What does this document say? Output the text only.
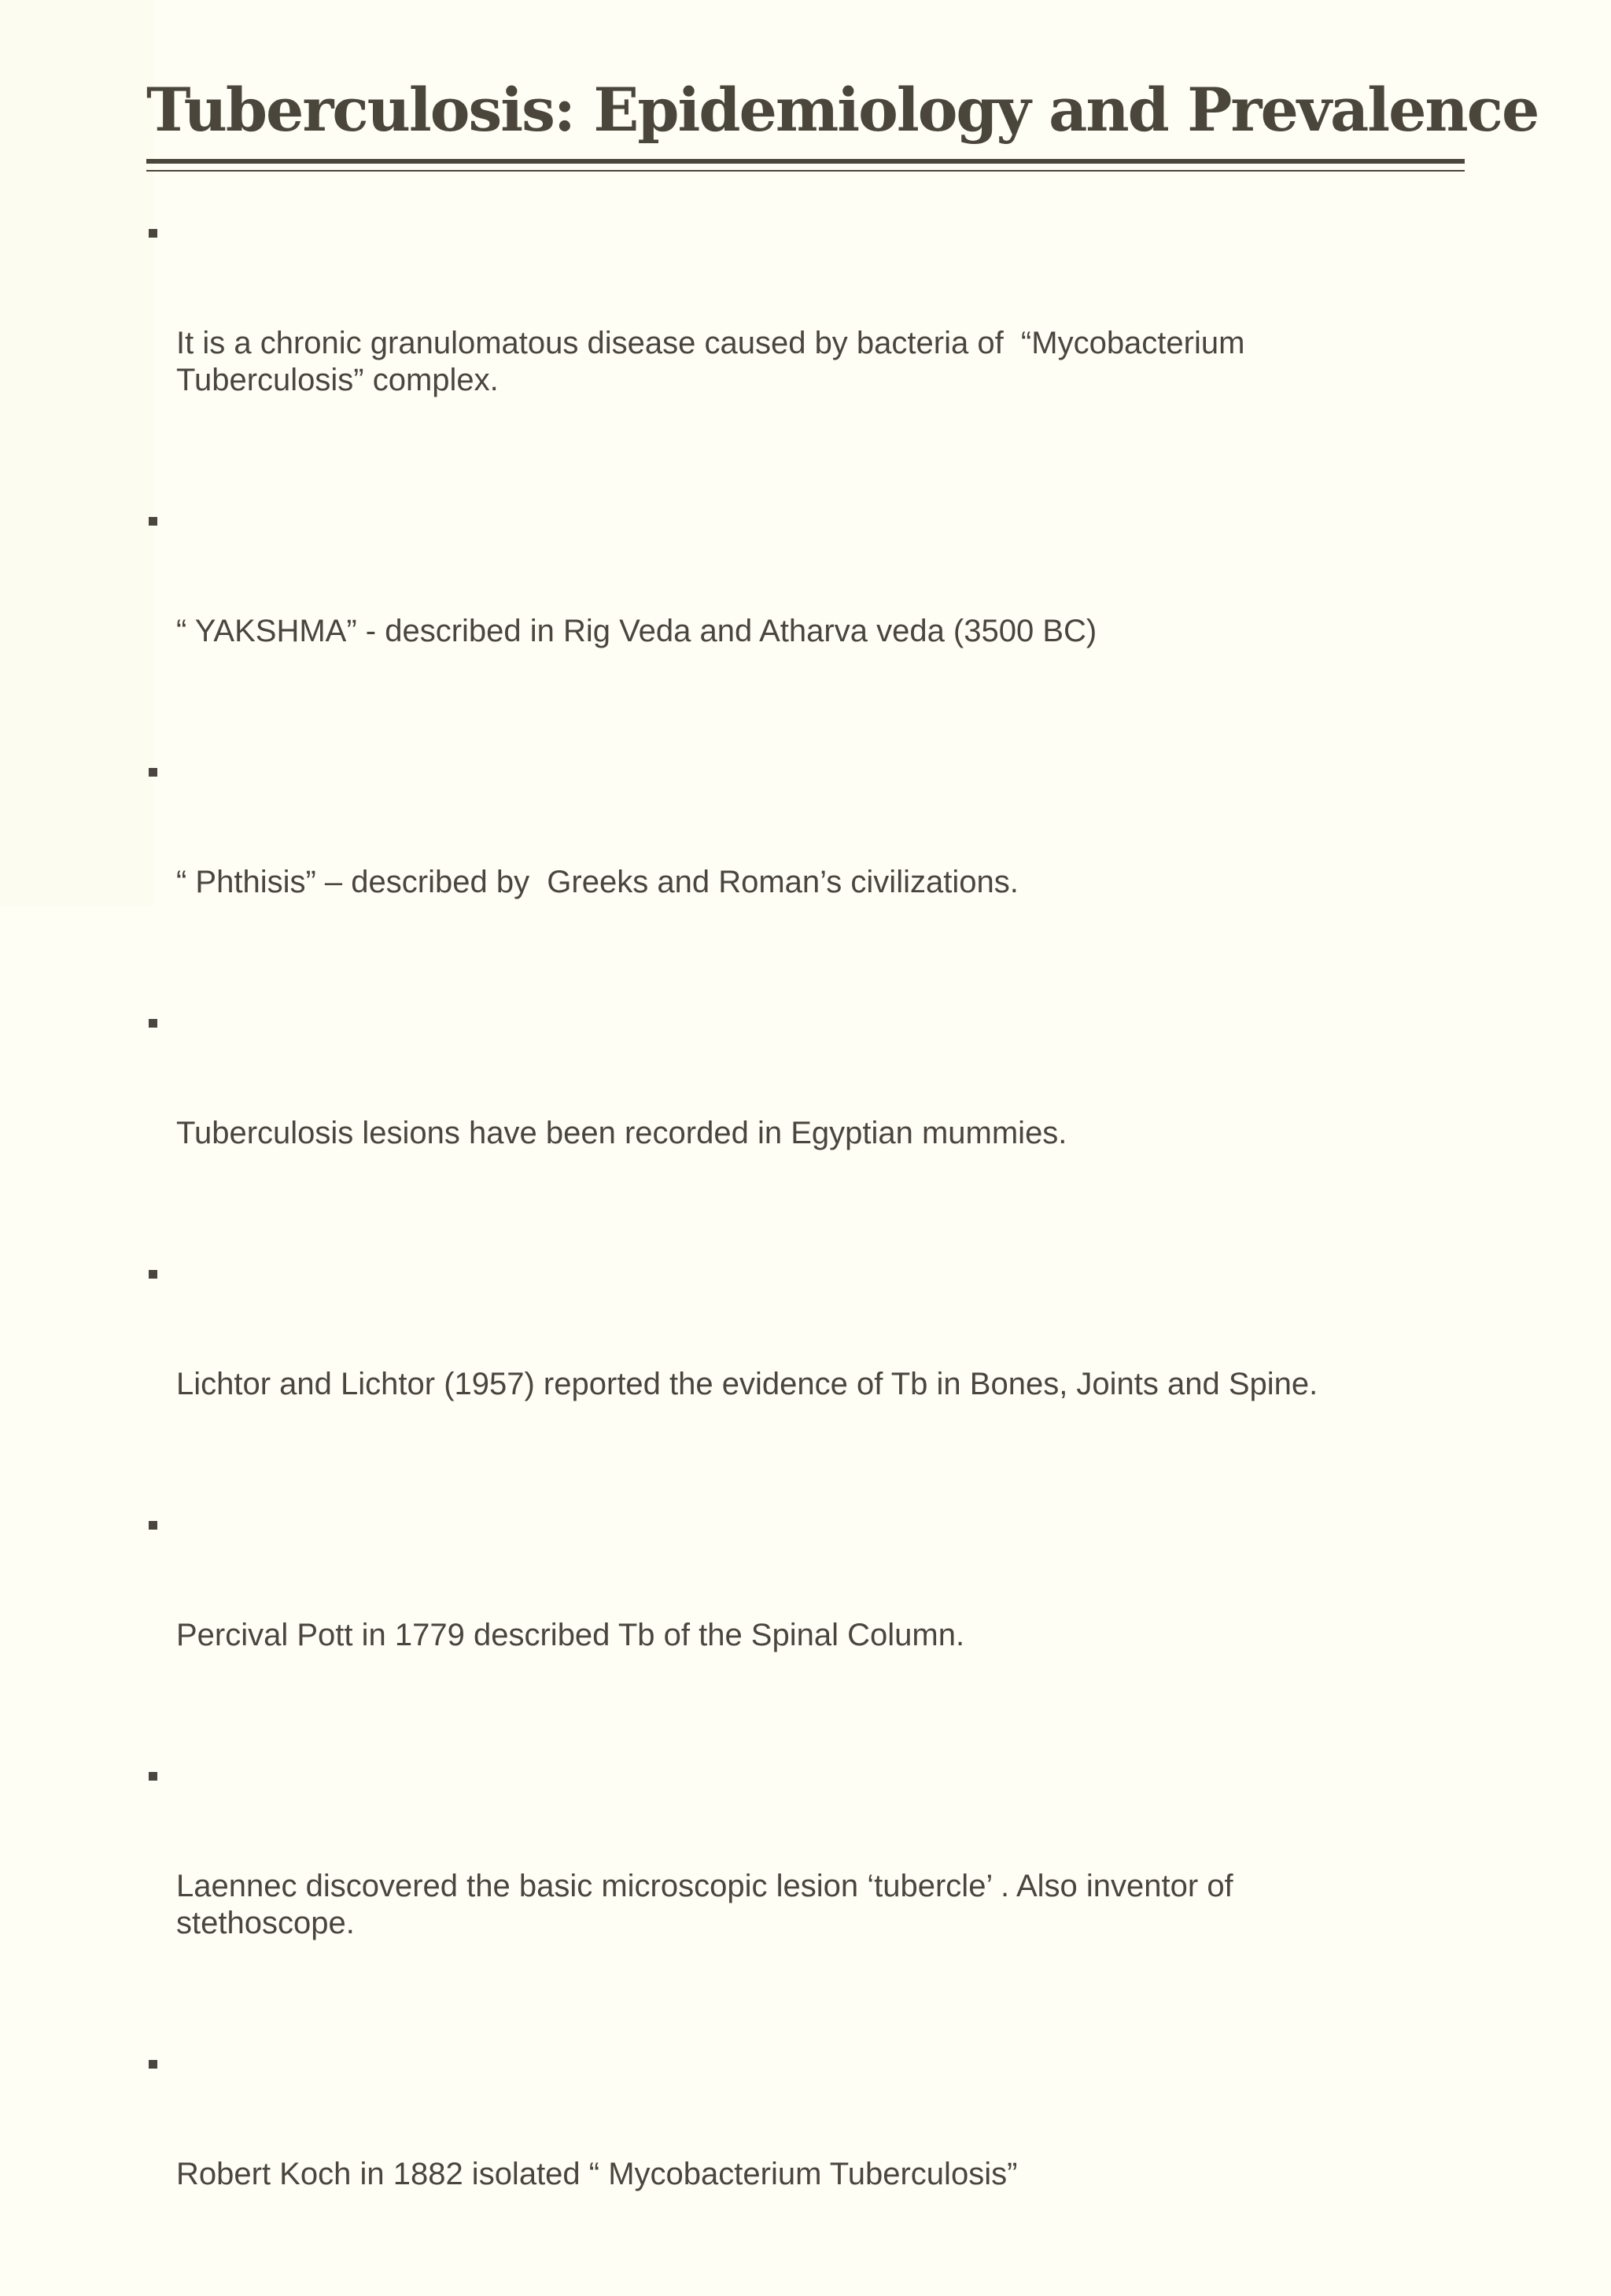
Tuberculosis: Epidemiology and Prevalence

It is a chronic granulomatous disease caused by bacteria of  “Mycobacterium Tuberculosis” complex.

“ YAKSHMA” - described in Rig Veda and Atharva veda (3500 BC)

“ Phthisis” – described by  Greeks and Roman’s civilizations.

Tuberculosis lesions have been recorded in Egyptian mummies.

Lichtor and Lichtor (1957) reported the evidence of Tb in Bones, Joints and Spine.

Percival Pott in 1779 described Tb of the Spinal Column.

Laennec discovered the basic microscopic lesion ‘tubercle’ . Also inventor of stethoscope.

Robert Koch in 1882 isolated “ Mycobacterium Tuberculosis”
